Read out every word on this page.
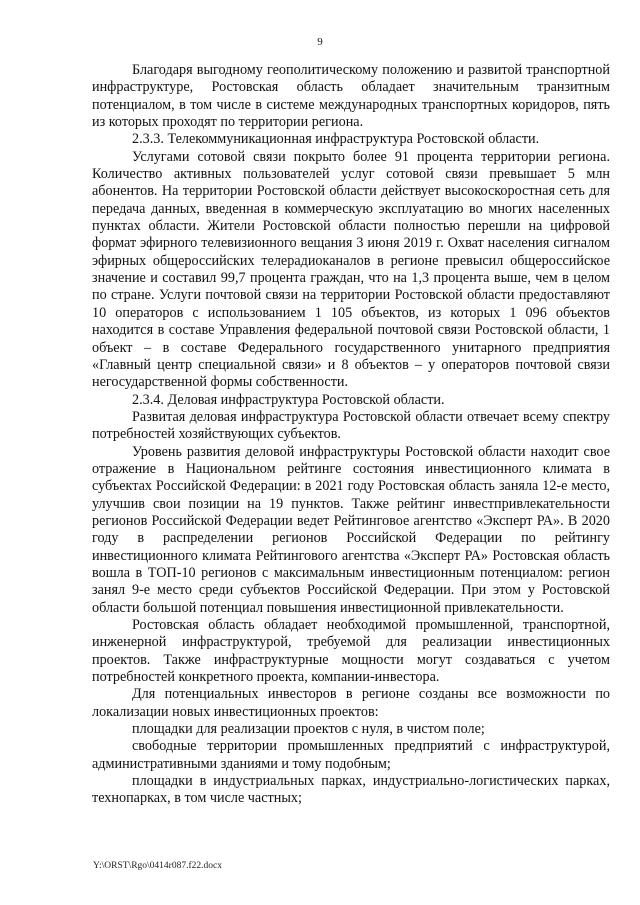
9

Благодаря выгодному геополитическому положению и развитой транспортной инфраструктуре, Ростовская область обладает значительным транзитным потенциалом, в том числе в системе международных транспортных коридоров, пять из которых проходят по территории региона.

2.3.3. Телекоммуникационная инфраструктура Ростовской области.

Услугами сотовой связи покрыто более 91 процента территории региона. Количество активных пользователей услуг сотовой связи превышает 5 млн абонентов. На территории Ростовской области действует высокоскоростная сеть для передача данных, введенная в коммерческую эксплуатацию во многих населенных пунктах области. Жители Ростовской области полностью перешли на цифровой формат эфирного телевизионного вещания 3 июня 2019 г. Охват населения сигналом эфирных общероссийских телерадиоканалов в регионе превысил общероссийское значение и составил 99,7 процента граждан, что на 1,3 процента выше, чем в целом по стране. Услуги почтовой связи на территории Ростовской области предоставляют 10 операторов с использованием 1 105 объектов, из которых 1 096 объектов находится в составе Управления федеральной почтовой связи Ростовской области, 1 объект – в составе Федерального государственного унитарного предприятия «Главный центр специальной связи» и 8 объектов – у операторов почтовой связи негосударственной формы собственности.

2.3.4. Деловая инфраструктура Ростовской области.

Развитая деловая инфраструктура Ростовской области отвечает всему спектру потребностей хозяйствующих субъектов.

Уровень развития деловой инфраструктуры Ростовской области находит свое отражение в Национальном рейтинге состояния инвестиционного климата в субъектах Российской Федерации: в 2021 году Ростовская область заняла 12-е место, улучшив свои позиции на 19 пунктов. Также рейтинг инвестпривлекательности регионов Российской Федерации ведет Рейтинговое агентство «Эксперт РА». В 2020 году в распределении регионов Российской Федерации по рейтингу инвестиционного климата Рейтингового агентства «Эксперт РА» Ростовская область вошла в ТОП-10 регионов с максимальным инвестиционным потенциалом: регион занял 9-е место среди субъектов Российской Федерации. При этом у Ростовской области большой потенциал повышения инвестиционной привлекательности.

Ростовская область обладает необходимой промышленной, транспортной, инженерной инфраструктурой, требуемой для реализации инвестиционных проектов. Также инфраструктурные мощности могут создаваться с учетом потребностей конкретного проекта, компании-инвестора.

Для потенциальных инвесторов в регионе созданы все возможности по локализации новых инвестиционных проектов:

площадки для реализации проектов с нуля, в чистом поле;

свободные территории промышленных предприятий с инфраструктурой, административными зданиями и тому подобным;

площадки в индустриальных парках, индустриально-логистических парках, технопарках, в том числе частных;

Y:\ORST\Rgo\0414r087.f22.docx
